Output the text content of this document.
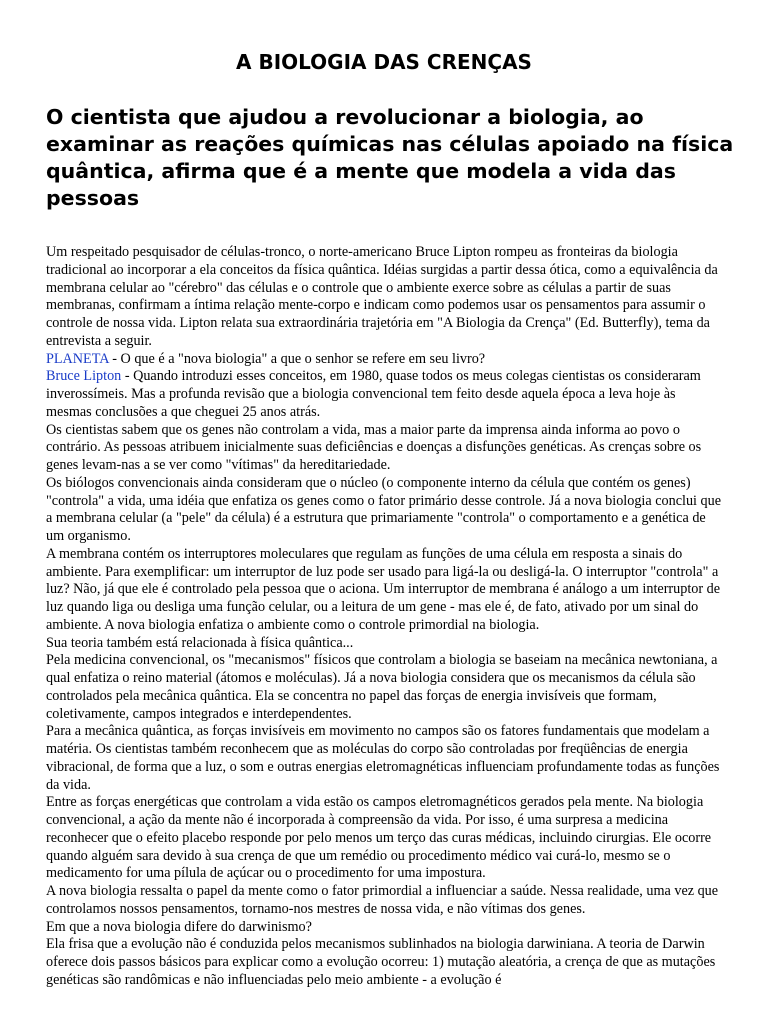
A BIOLOGIA DAS CRENÇAS
O cientista que ajudou a revolucionar a biologia, ao examinar as reações químicas nas células apoiado na física quântica, afirma que é a mente que modela a vida das pessoas

Um respeitado pesquisador de células-tronco, o norte-americano Bruce Lipton rompeu as fronteiras da biologia tradicional ao incorporar a ela conceitos da física quântica. Idéias surgidas a partir dessa ótica, como a equivalência da membrana celular ao "cérebro" das células e o controle que o ambiente exerce sobre as células a partir de suas membranas, confirmam a íntima relação mente-corpo e indicam como podemos usar os pensamentos para assumir o controle de nossa vida. Lipton relata sua extraordinária trajetória em "A Biologia da Crença" (Ed. Butterfly), tema da entrevista a seguir.

PLANETA - O que é a "nova biologia" a que o senhor se refere em seu livro?

Bruce Lipton - Quando introduzi esses conceitos, em 1980, quase todos os meus colegas cientistas os consideraram inverossímeis. Mas a profunda revisão que a biologia convencional tem feito desde aquela época a leva hoje às mesmas conclusões a que cheguei 25 anos atrás.

Os cientistas sabem que os genes não controlam a vida, mas a maior parte da imprensa ainda informa ao povo o contrário. As pessoas atribuem inicialmente suas deficiências e doenças a disfunções genéticas. As crenças sobre os genes levam-nas a se ver como "vítimas" da hereditariedade.

Os biólogos convencionais ainda consideram que o núcleo (o componente interno da célula que contém os genes) "controla" a vida, uma idéia que enfatiza os genes como o fator primário desse controle. Já a nova biologia conclui que a membrana celular (a "pele" da célula) é a estrutura que primariamente "controla" o comportamento e a genética de um organismo.

A membrana contém os interruptores moleculares que regulam as funções de uma célula em resposta a sinais do ambiente. Para exemplificar: um interruptor de luz pode ser usado para ligá-la ou desligá-la. O interruptor "controla" a luz? Não, já que ele é controlado pela pessoa que o aciona. Um interruptor de membrana é análogo a um interruptor de luz quando liga ou desliga uma função celular, ou a leitura de um gene - mas ele é, de fato, ativado por um sinal do ambiente. A nova biologia enfatiza o ambiente como o controle primordial na biologia.

Sua teoria também está relacionada à física quântica...

Pela medicina convencional, os "mecanismos" físicos que controlam a biologia se baseiam na mecânica newtoniana, a qual enfatiza o reino material (átomos e moléculas). Já a nova biologia considera que os mecanismos da célula são controlados pela mecânica quântica. Ela se concentra no papel das forças de energia invisíveis que formam, coletivamente, campos integrados e interdependentes.

Para a mecânica quântica, as forças invisíveis em movimento no campos são os fatores fundamentais que modelam a matéria. Os cientistas também reconhecem que as moléculas do corpo são controladas por freqüências de energia vibracional, de forma que a luz, o som e outras energias eletromagnéticas influenciam profundamente todas as funções da vida.

Entre as forças energéticas que controlam a vida estão os campos eletromagnéticos gerados pela mente. Na biologia convencional, a ação da mente não é incorporada à compreensão da vida. Por isso, é uma surpresa a medicina reconhecer que o efeito placebo responde por pelo menos um terço das curas médicas, incluindo cirurgias. Ele ocorre quando alguém sara devido à sua crença de que um remédio ou procedimento médico vai curá-lo, mesmo se o medicamento for uma pílula de açúcar ou o procedimento for uma impostura.

A nova biologia ressalta o papel da mente como o fator primordial a influenciar a saúde. Nessa realidade, uma vez que controlamos nossos pensamentos, tornamo-nos mestres de nossa vida, e não vítimas dos genes.

Em que a nova biologia difere do darwinismo?

Ela frisa que a evolução não é conduzida pelos mecanismos sublinhados na biologia darwiniana. A teoria de Darwin oferece dois passos básicos para explicar como a evolução ocorreu: 1) mutação aleatória, a crença de que as mutações genéticas são randômicas e não influenciadas pelo meio ambiente - a evolução é
